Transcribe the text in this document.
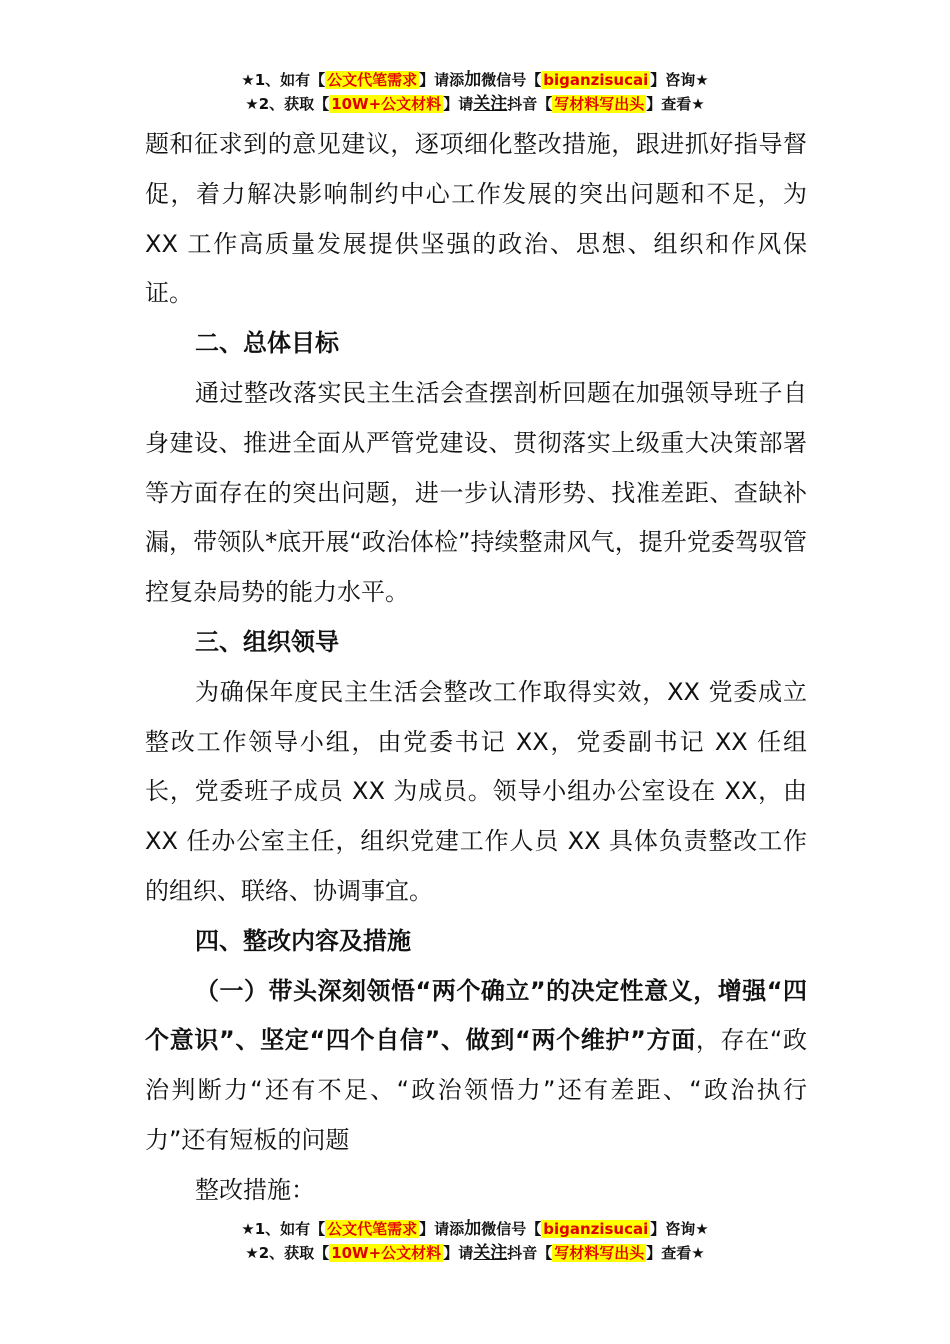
★1、如有【 公文代笔需求 】请添加微信号【 biganzisucai 】咨询★
★2、获取【 10W+公文材料 】请关注抖音【 写材料写出头 】查看★

题和征求到的意见建议，逐项细化整改措施，跟进抓好指导督促，着力解决影响制约中心工作发展的突出问题和不足，为 XX 工作高质量发展提供坚强的政治、思想、组织和作风保证。

二、总体目标

通过整改落实民主生活会查摆剖析回题在加强领导班子自身建设、推进全面从严管党建设、贯彻落实上级重大决策部署等方面存在的突出问题，进一步认清形势、找准差距、查缺补漏，带领队*底开展“政治体检”持续整肃风气，提升党委驾驭管控复杂局势的能力水平。

三、组织领导

为确保年度民主生活会整改工作取得实效，XX 党委成立整改工作领导小组，由党委书记 XX，党委副书记 XX 任组长，党委班子成员 XX 为成员。领导小组办公室设在 XX，由 XX 任办公室主任，组织党建工作人员 XX 具体负责整改工作的组织、联络、协调事宜。

四、整改内容及措施

（一）带头深刻领悟“两个确立”的决定性意义，增强“四个意识”、坚定“四个自信”、做到“两个维护”方面，存在“政治判断力“还有不足、“政治领悟力”还有差距、“政治执行力”还有短板的问题

整改措施：

★1、如有【 公文代笔需求 】请添加微信号【 biganzisucai 】咨询★
★2、获取【 10W+公文材料 】请关注抖音【 写材料写出头 】查看★
